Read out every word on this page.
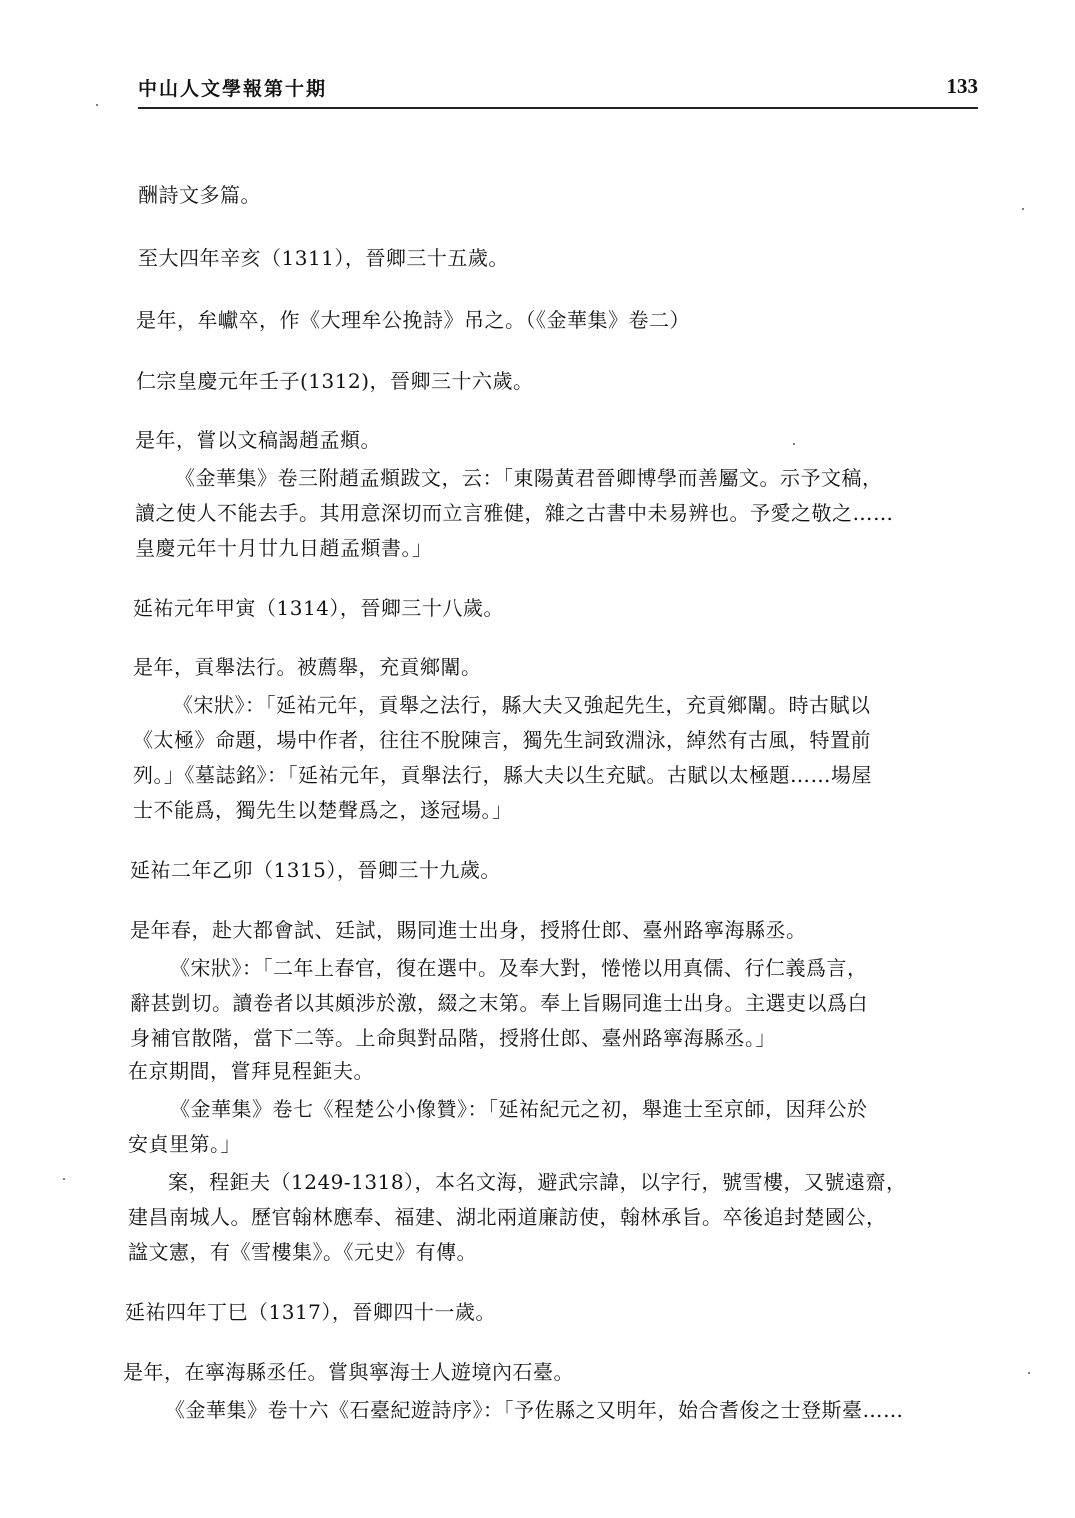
中山人文學報第十期	133
酬詩文多篇。
至大四年辛亥（1311），晉卿三十五歲。
是年，牟巘卒，作《大理牟公挽詩》吊之。（《金華集》卷二）
仁宗皇慶元年壬子(1312)，晉卿三十六歲。
是年，嘗以文稿謁趙孟頫。
《金華集》卷三附趙孟頫跋文，云：「東陽黃君晉卿博學而善屬文。示予文稿，
讀之使人不能去手。其用意深切而立言雅健，雜之古書中未易辨也。予愛之敬之……
皇慶元年十月廿九日趙孟頫書。」
延祐元年甲寅（1314），晉卿三十八歲。
是年，貢舉法行。被薦舉，充貢鄉闈。
《宋狀》：「延祐元年，貢舉之法行，縣大夫又強起先生，充貢鄉闈。時古賦以
《太極》命題，場中作者，往往不脫陳言，獨先生詞致淵泳，綽然有古風，特置前
列。」《墓誌銘》：「延祐元年，貢舉法行，縣大夫以生充賦。古賦以太極題……場屋
士不能爲，獨先生以楚聲爲之，遂冠場。」
延祐二年乙卯（1315），晉卿三十九歲。
是年春，赴大都會試、廷試，賜同進士出身，授將仕郎、臺州路寧海縣丞。
《宋狀》：「二年上春官，復在選中。及奉大對，惓惓以用真儒、行仁義爲言，
辭甚剴切。讀卷者以其頗涉於激，綴之末第。奉上旨賜同進士出身。主選吏以爲白
身補官散階，當下二等。上命與對品階，授將仕郎、臺州路寧海縣丞。」
在京期間，嘗拜見程鉅夫。
《金華集》卷七《程楚公小像贊》：「延祐紀元之初，舉進士至京師，因拜公於
安貞里第。」
案，程鉅夫（1249-1318），本名文海，避武宗諱，以字行，號雪樓，又號遠齋，
建昌南城人。歷官翰林應奉、福建、湖北兩道廉訪使，翰林承旨。卒後追封楚國公，
諡文憲，有《雪樓集》。《元史》有傳。
延祐四年丁巳（1317），晉卿四十一歲。
是年，在寧海縣丞任。嘗與寧海士人遊境內石臺。
《金華集》卷十六《石臺紀遊詩序》：「予佐縣之又明年，始合耆俊之士登斯臺……
